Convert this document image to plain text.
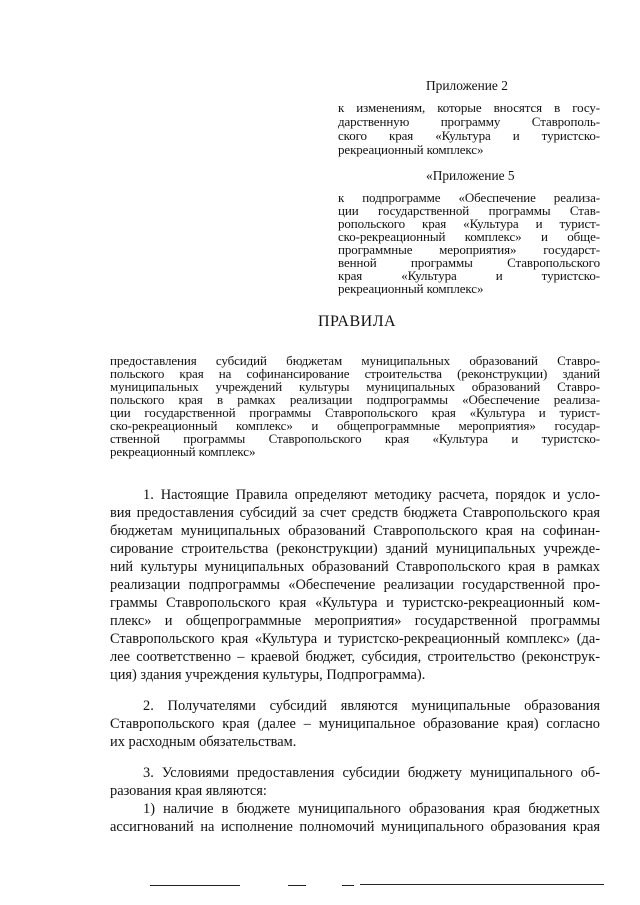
Приложение 2
к изменениям, которые вносятся в госу-
дарственную программу Ставрополь-
ского края «Культура и туристско-
рекреационный комплекс»
«Приложение 5
к подпрограмме «Обеспечение реализа-
ции государственной программы Став-
ропольского края «Культура и турист-
ско-рекреационный комплекс» и обще-
программные мероприятия» государст-
венной программы Ставропольского
края «Культура и туристско-
рекреационный комплекс»
ПРАВИЛА
предоставления субсидий бюджетам муниципальных образований Ставро-
польского края на софинансирование строительства (реконструкции) зданий
муниципальных учреждений культуры муниципальных образований Ставро-
польского края в рамках реализации подпрограммы «Обеспечение реализа-
ции государственной программы Ставропольского края «Культура и турист-
ско-рекреационный комплекс» и общепрограммные мероприятия» государ-
ственной программы Ставропольского края «Культура и туристско-
рекреационный комплекс»
1. Настоящие Правила определяют методику расчета, порядок и усло-
вия предоставления субсидий за счет средств бюджета Ставропольского края
бюджетам муниципальных образований Ставропольского края на софинан-
сирование строительства (реконструкции) зданий муниципальных учрежде-
ний культуры муниципальных образований Ставропольского края в рамках
реализации подпрограммы «Обеспечение реализации государственной про-
граммы Ставропольского края «Культура и туристско-рекреационный ком-
плекс» и общепрограммные мероприятия» государственной программы
Ставропольского края «Культура и туристско-рекреационный комплекс» (да-
лее соответственно – краевой бюджет, субсидия, строительство (реконструк-
ция) здания учреждения культуры, Подпрограмма).
2. Получателями субсидий являются муниципальные образования
Ставропольского края (далее – муниципальное образование края) согласно
их расходным обязательствам.
3. Условиями предоставления субсидии бюджету муниципального об-
разования края являются:
1) наличие в бюджете муниципального образования края бюджетных
ассигнований на исполнение полномочий муниципального образования края
